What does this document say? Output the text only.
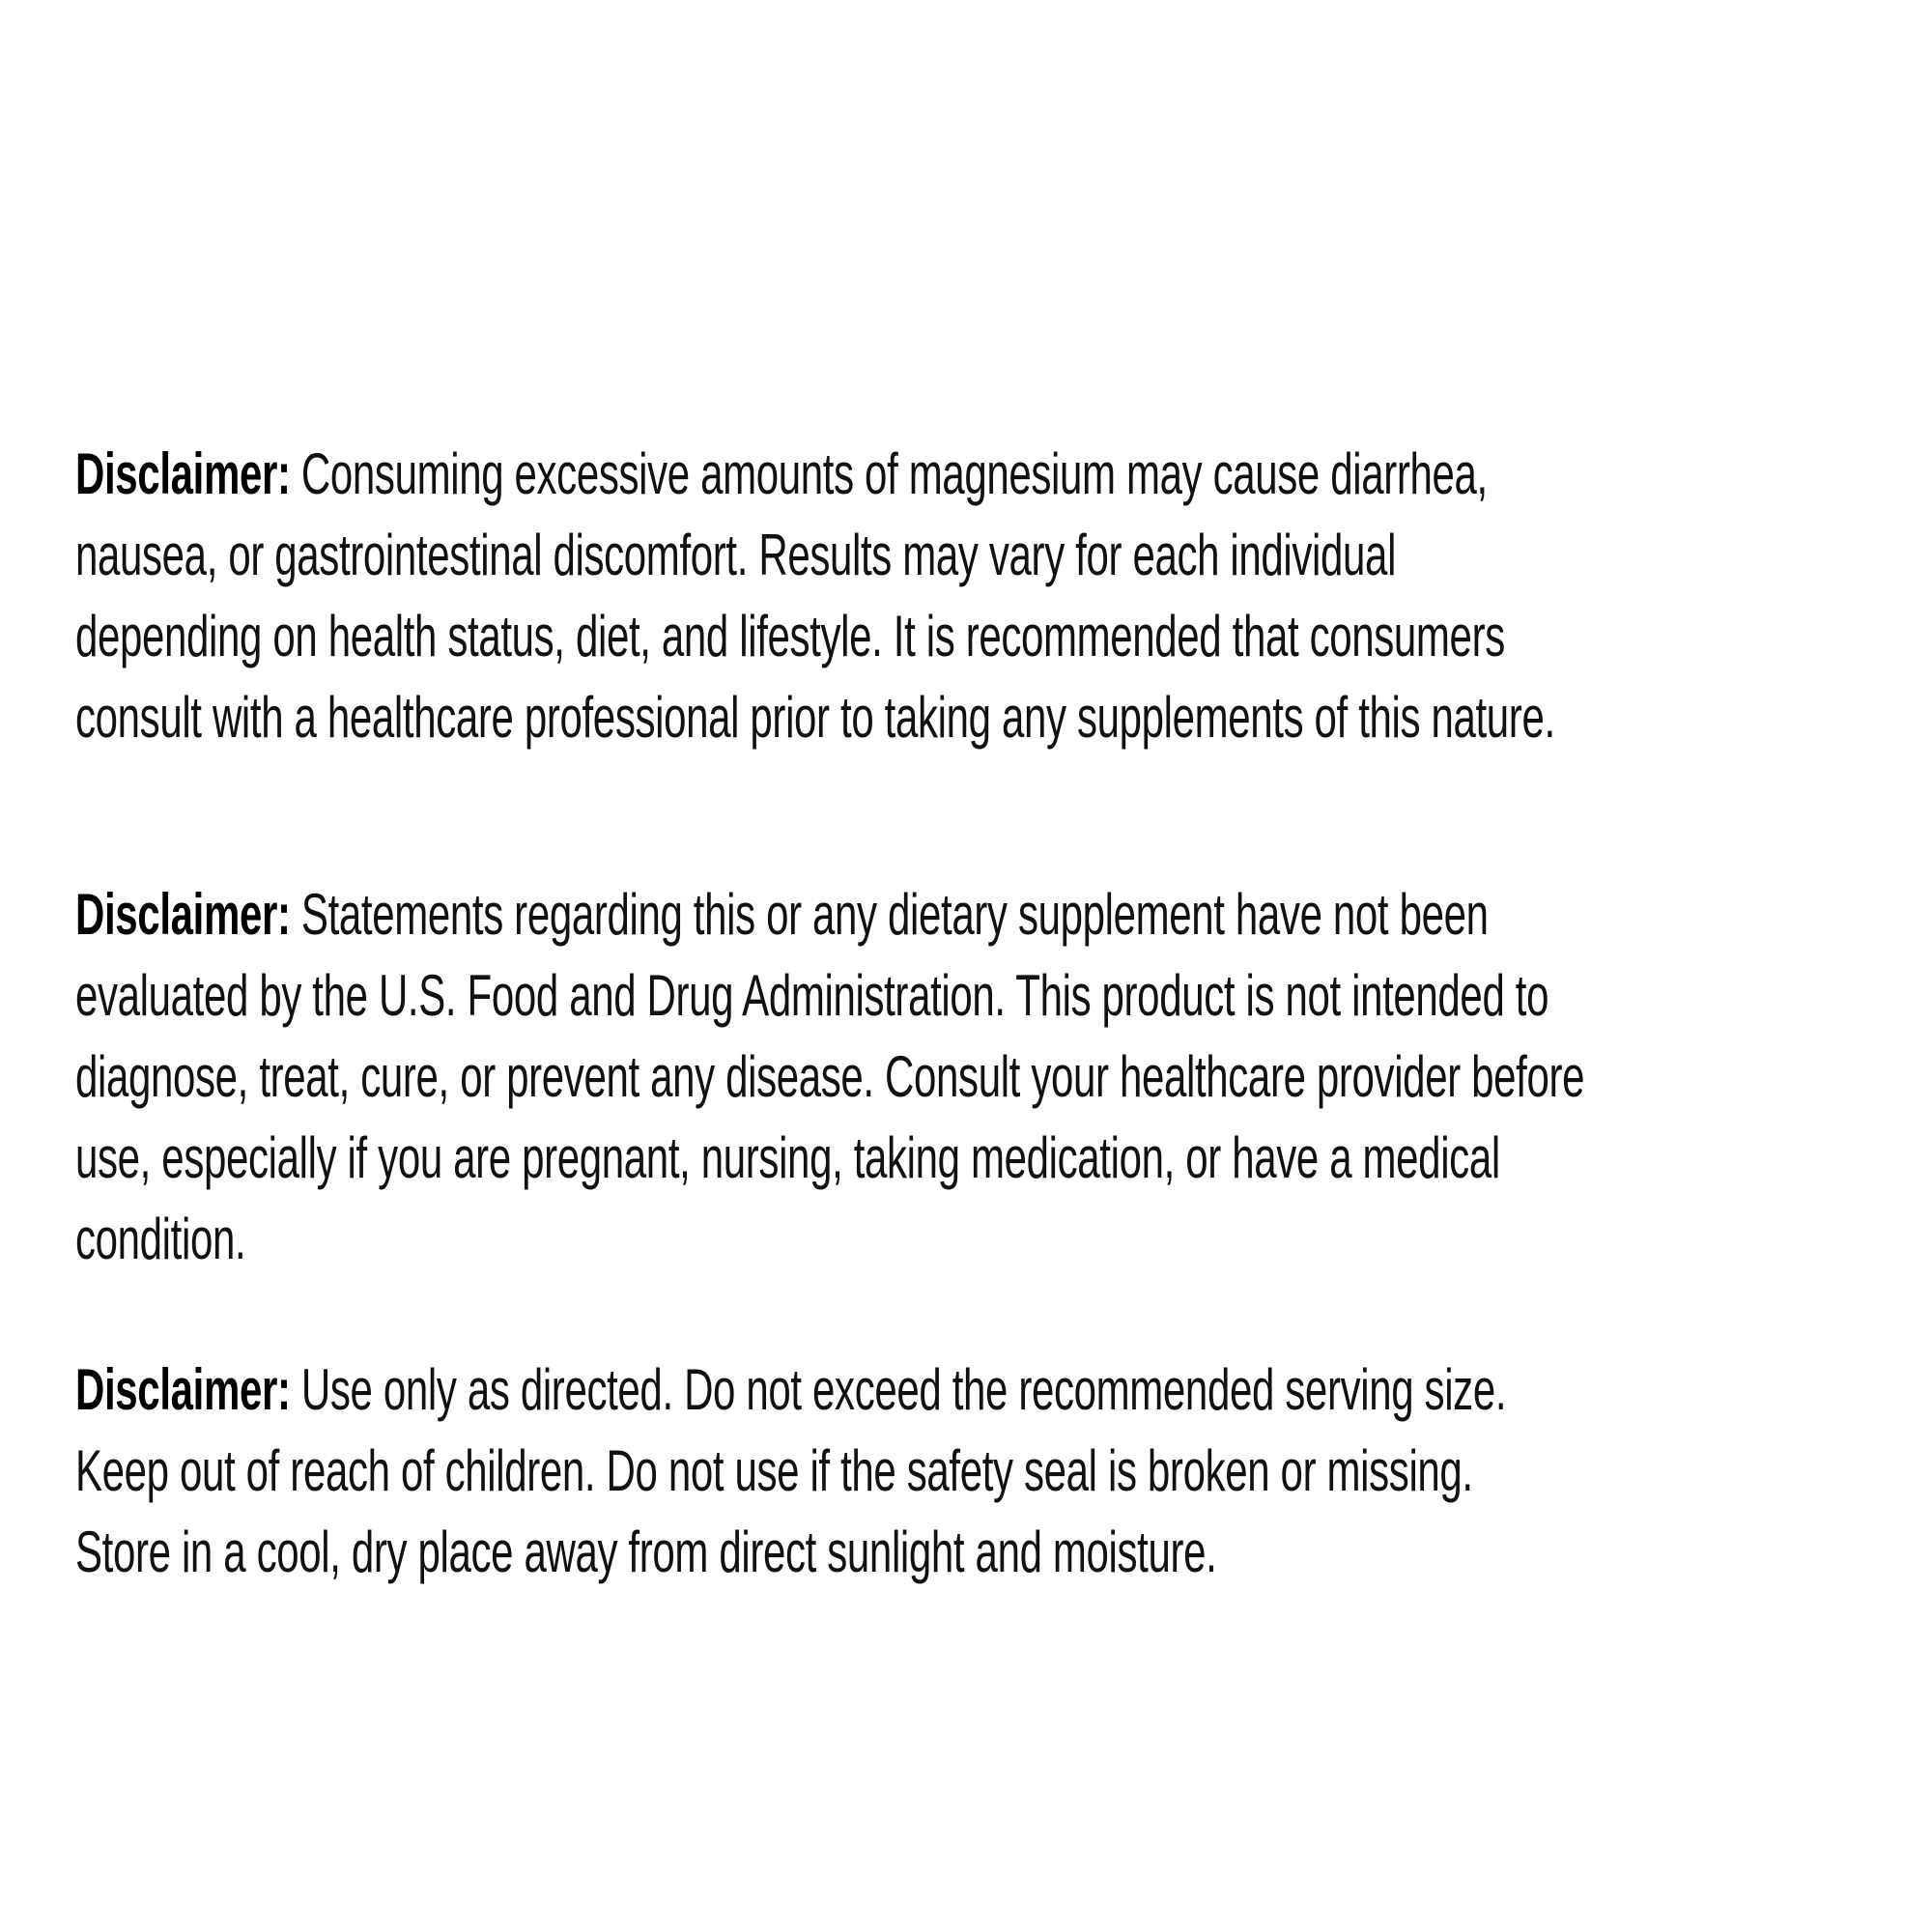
Disclaimer: Consuming excessive amounts of magnesium may cause diarrhea,
nausea, or gastrointestinal discomfort. Results may vary for each individual
depending on health status, diet, and lifestyle. It is recommended that consumers
consult with a healthcare professional prior to taking any supplements of this nature.
Disclaimer: Statements regarding this or any dietary supplement have not been
evaluated by the U.S. Food and Drug Administration. This product is not intended to
diagnose, treat, cure, or prevent any disease. Consult your healthcare provider before
use, especially if you are pregnant, nursing, taking medication, or have a medical
condition.
Disclaimer: Use only as directed. Do not exceed the recommended serving size.
Keep out of reach of children. Do not use if the safety seal is broken or missing.
Store in a cool, dry place away from direct sunlight and moisture.
